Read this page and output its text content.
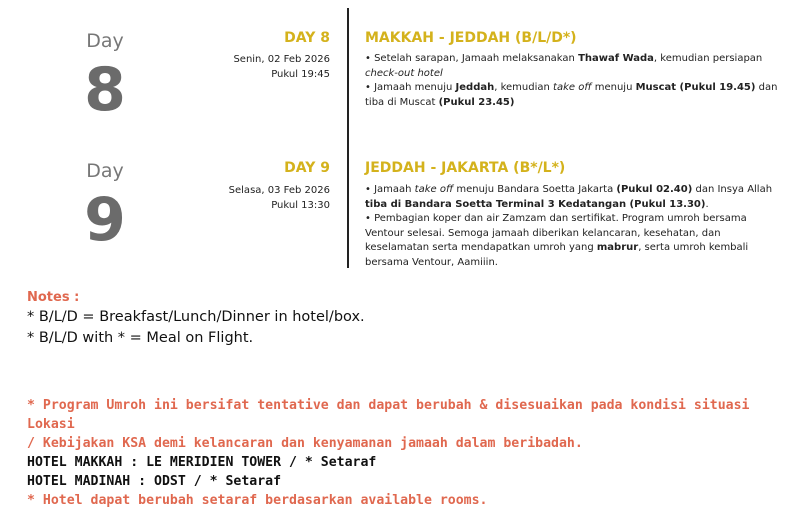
Day
8
DAY 8
Senin, 02 Feb 2026
Pukul 19:45
MAKKAH - JEDDAH (B/L/D*)

• Setelah sarapan, Jamaah melaksanakan Thawaf Wada, kemudian persiapan

check-out hotel

• Jamaah menuju Jeddah, kemudian take off menuju Muscat (Pukul 19.45) dan

tiba di Muscat (Pukul 23.45)

Day
9
DAY 9
Selasa, 03 Feb 2026
Pukul 13:30
JEDDAH - JAKARTA (B*/L*)

• Jamaah take off menuju Bandara Soetta Jakarta (Pukul 02.40) dan Insya Allah

tiba di Bandara Soetta Terminal 3 Kedatangan (Pukul 13.30).

• Pembagian koper dan air Zamzam dan sertifikat. Program umroh bersama

Ventour selesai. Semoga jamaah diberikan kelancaran, kesehatan, dan

keselamatan serta mendapatkan umroh yang mabrur, serta umroh kembali

bersama Ventour, Aamiiin.

Notes :
* B/L/D = Breakfast/Lunch/Dinner in hotel/box.
* B/L/D with * = Meal on Flight.
* Program Umroh ini bersifat tentative dan dapat berubah & disesuaikan pada kondisi situasi Lokasi
/ Kebijakan KSA demi kelancaran dan kenyamanan jamaah dalam beribadah.
HOTEL MAKKAH : LE MERIDIEN TOWER / * Setaraf
HOTEL MADINAH : ODST / * Setaraf
* Hotel dapat berubah setaraf berdasarkan available rooms.
